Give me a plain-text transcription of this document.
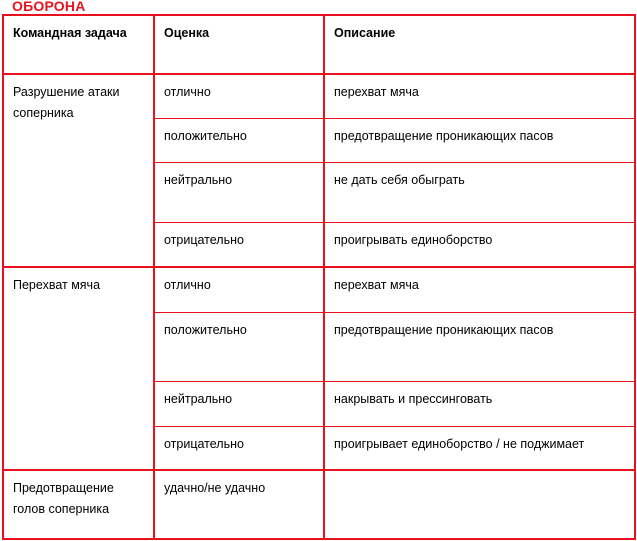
ОБОРОНА
Командная задача	Оценка	Описание
Разрушение атаки соперника	отлично	перехват мяча
	положительно	предотвращение проникающих пасов
	нейтрально	не дать себя обыграть
	отрицательно	проигрывать единоборство
Перехват мяча	отлично	перехват мяча
	положительно	предотвращение проникающих пасов
	нейтрально	накрывать и прессинговать
	отрицательно	проигрывает единоборство / не поджимает
Предотвращение голов соперника	удачно/не удачно	
